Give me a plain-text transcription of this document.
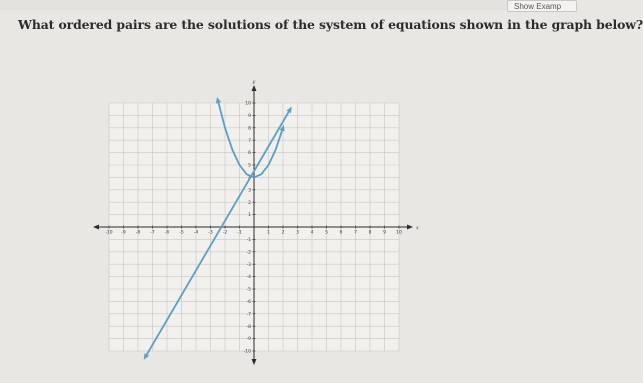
Show Examp
What ordered pairs are the solutions of the system of equations shown in the graph below?
x
y
-10 -9 -8 -7 -6 -5 -4 -3 -2 -1	1	2	3	4	5	6	7	8	9 10
10
9
8
7
6
5
4
3
2
1
-1
-2
-3
-4
-5
-6
-7
-8
-9
-10
